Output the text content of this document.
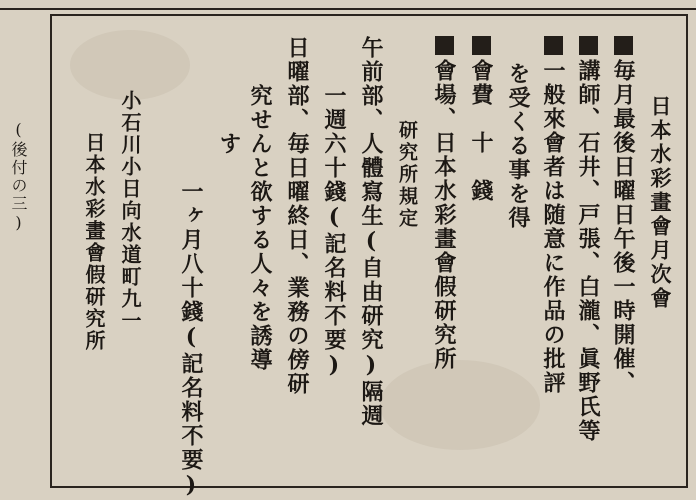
(後付の三)	日本水彩畫會月次會
毎月最後日曜日午後一時開催、
講師、石井、戸張、白瀧、眞野氏等
一般來會者は随意に作品の批評
を受くる事を得
會費　十　錢
會場、日本水彩畫會假研究所
研究所規定
午前部、人體寫生(自由研究)隔週
一週六十錢(記名料不要)
日曜部、毎日曜終日、業務の傍研
究せんと欲する人々を誘導
す
一ヶ月八十錢(記名料不要)
小石川小日向水道町九一
日本水彩畫會假研究所
